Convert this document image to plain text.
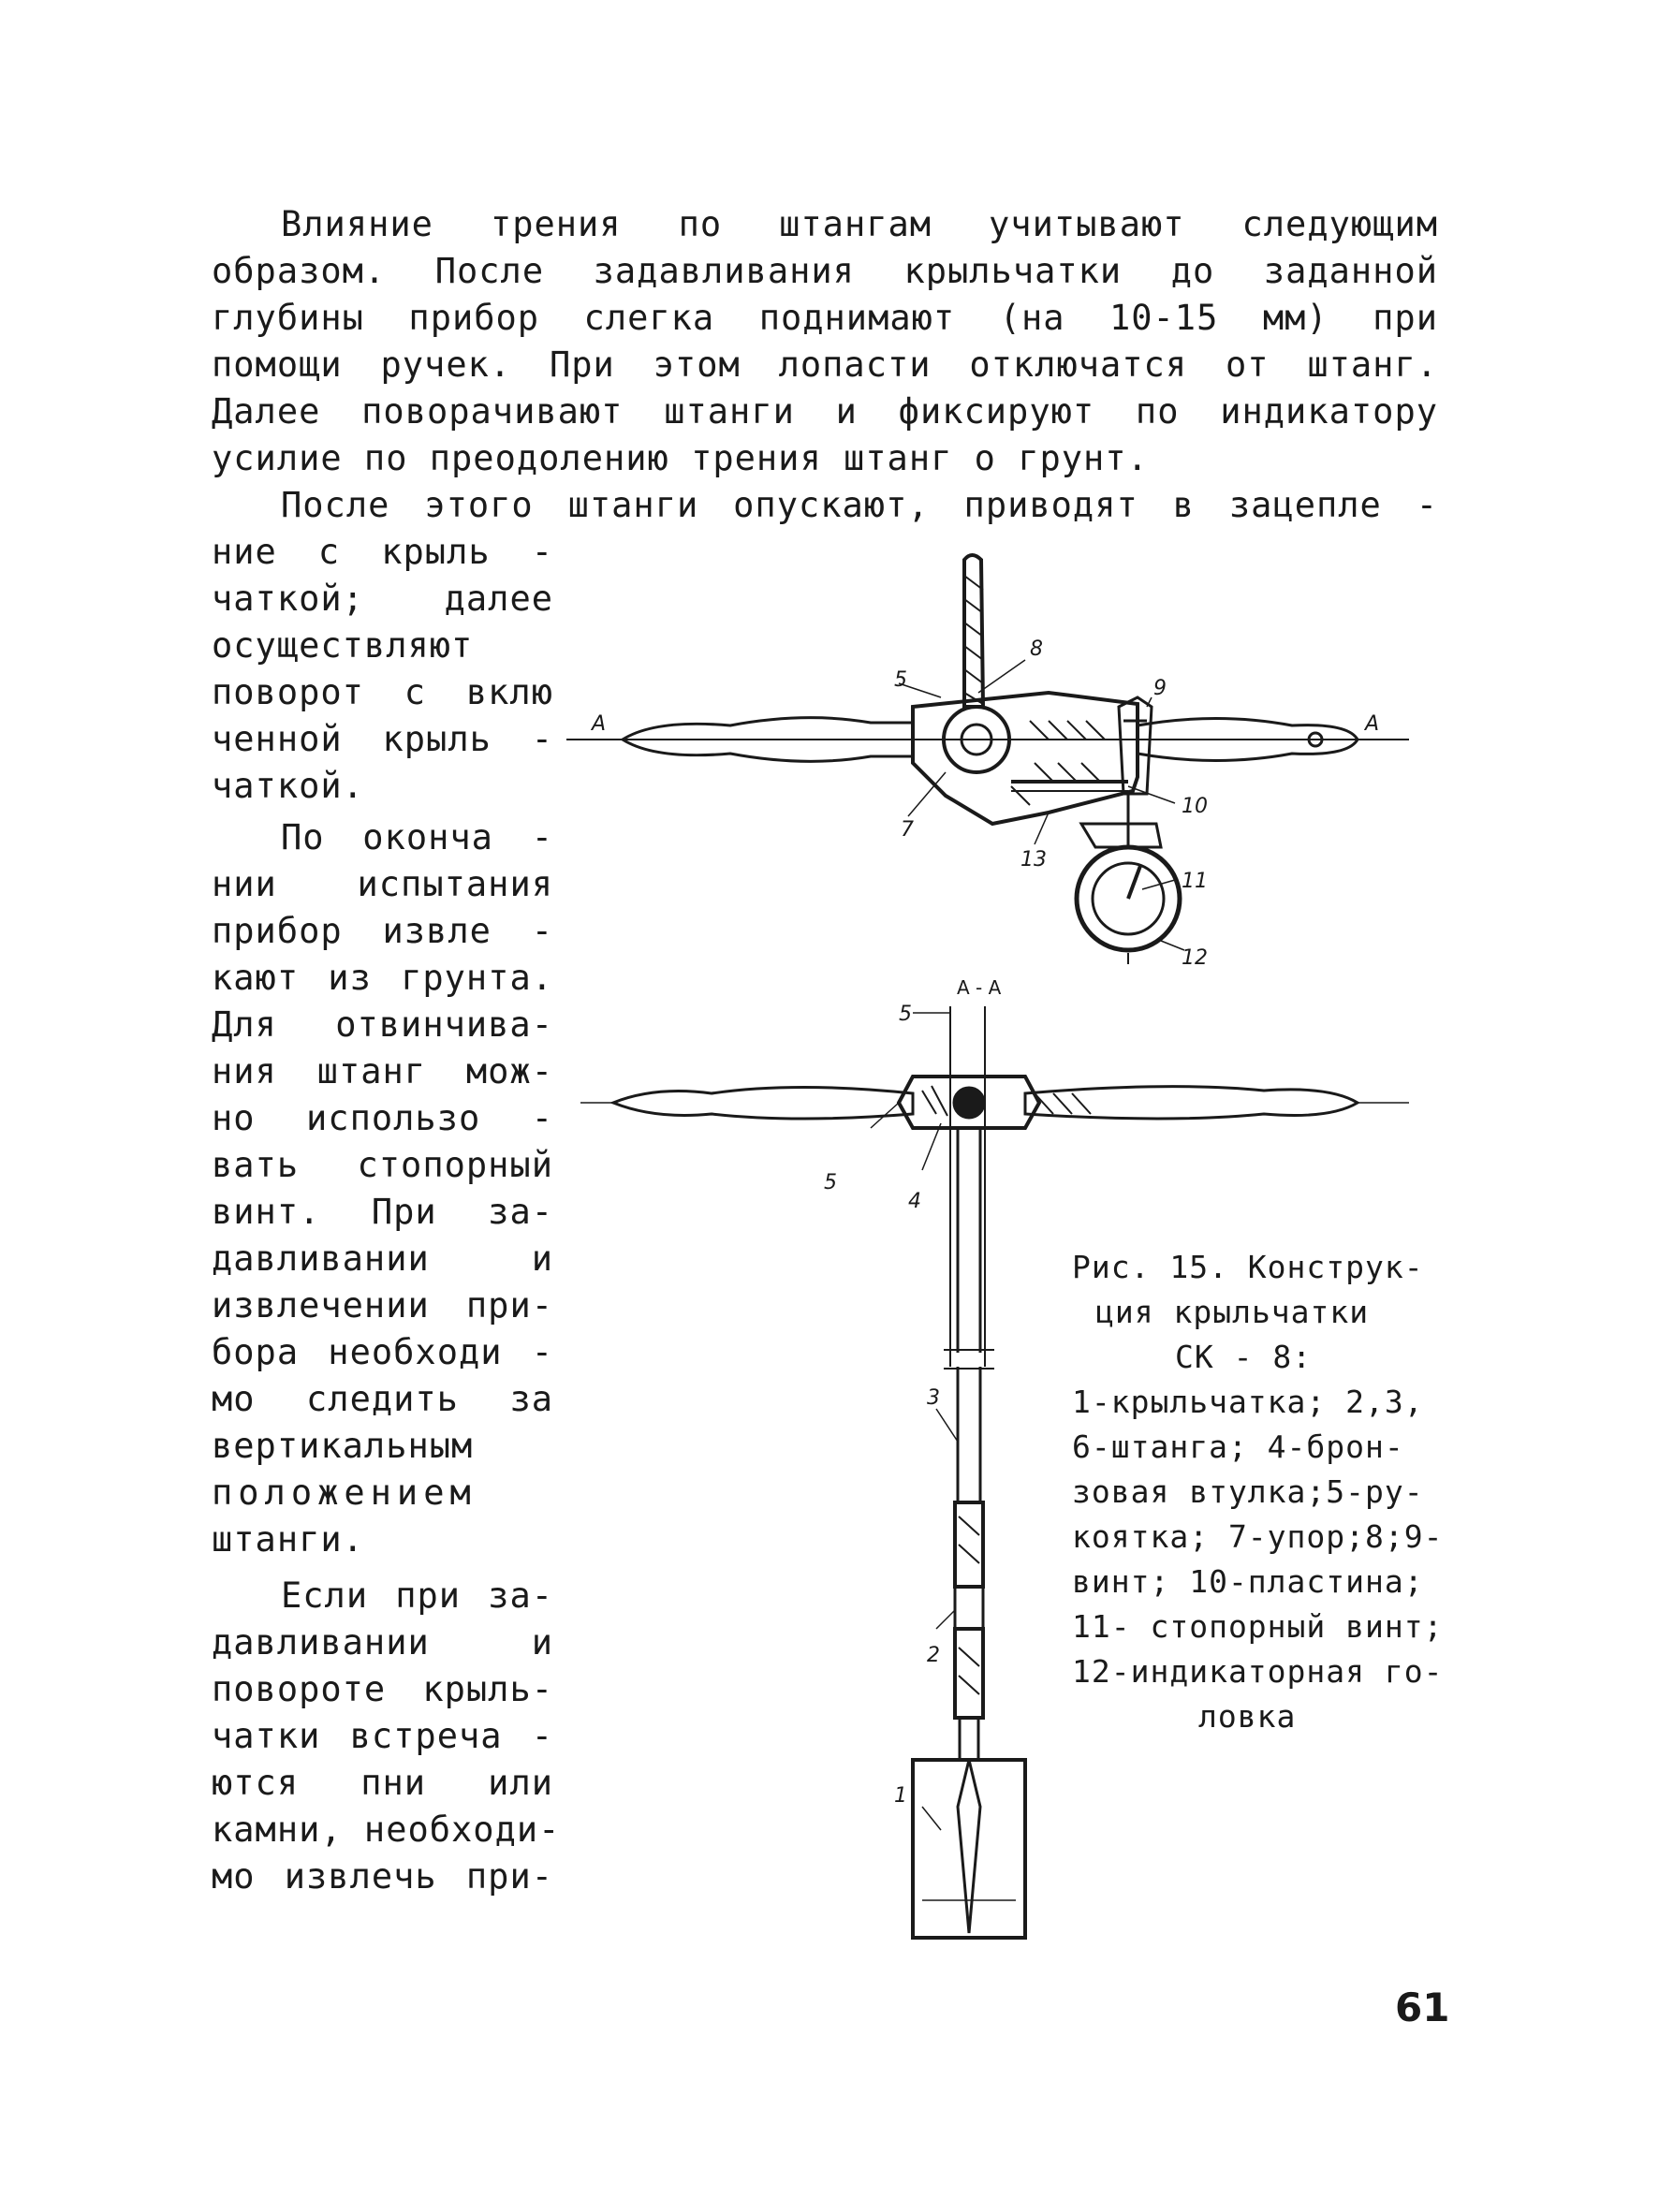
Влияние трения по штангам учитывают следующим
образом. После задавливания крыльчатки до заданной
глубины прибор слегка поднимают (на 10-15 мм) при
помощи ручек. При этом лопасти отключатся от штанг.
Далее поворачивают штанги и фиксируют по индикатору
усилие по преодолению трения штанг о грунт.
После этого штанги опускают, приводят в зацепле -
ние с крыль -
чаткой; далее
осуществляют
поворот с вклю
ченной крыль -
чаткой.
По оконча -
нии испытания
прибор извле -
кают из грунта.
Для отвинчива-
ния штанг мож-
но использо -
вать стопорный
винт. При за-
давливании и
извлечении при-
бора необходи -
мо следить за
вертикальным
положением
штанги.
Если при за-
давливании и
повороте крыль-
чатки встреча -
ются пни или
камни, необходи-
мо извлечь при-
А	А
8
5	9
10
7
13
11
12
А - А
5
5
4
3
2
1
Рис. 15. Конструк-
ция крыльчатки
СК - 8:
1-крыльчатка; 2,3,
6-штанга; 4-брон-
зовая втулка;5-ру-
коятка; 7-упор;8;9-
винт; 10-пластина;
11- стопорный винт;
12-индикаторная го-
ловка
61
